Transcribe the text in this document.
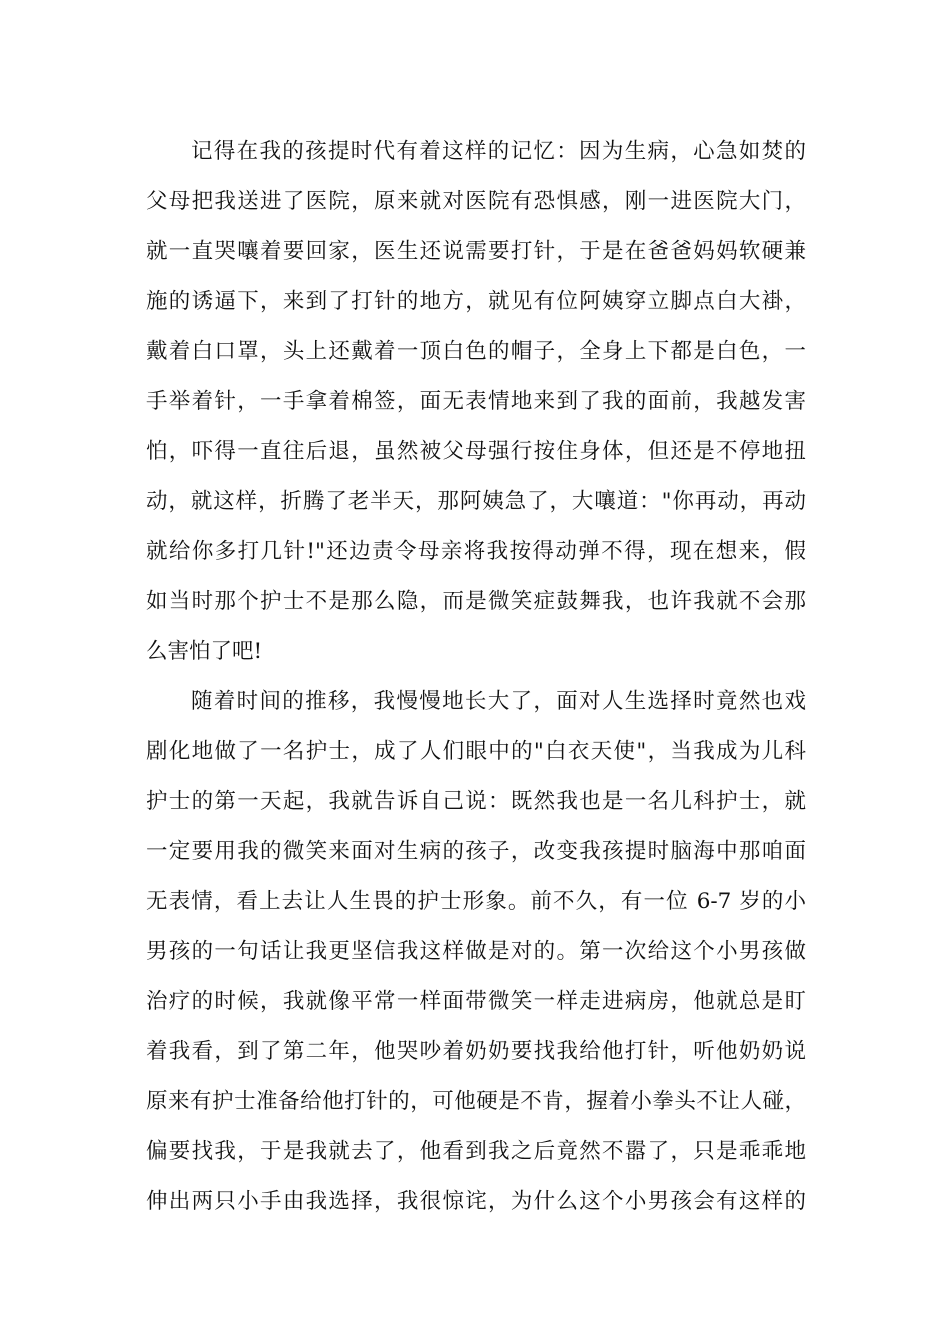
记得在我的孩提时代有着这样的记忆：因为生病，心急如焚的
父母把我送进了医院，原来就对医院有恐惧感，刚一进医院大门，
就一直哭嚷着要回家，医生还说需要打针，于是在爸爸妈妈软硬兼
施的诱逼下，来到了打针的地方，就见有位阿姨穿立脚点白大褂，
戴着白口罩，头上还戴着一顶白色的帽子，全身上下都是白色，一
手举着针，一手拿着棉签，面无表情地来到了我的面前，我越发害
怕，吓得一直往后退，虽然被父母强行按住身体，但还是不停地扭
动，就这样，折腾了老半天，那阿姨急了，大嚷道："你再动，再动
就给你多打几针!"还边责令母亲将我按得动弹不得，现在想来，假
如当时那个护士不是那么隐，而是微笑症鼓舞我，也许我就不会那
么害怕了吧!
随着时间的推移，我慢慢地长大了，面对人生选择时竟然也戏
剧化地做了一名护士，成了人们眼中的"白衣天使"，当我成为儿科
护士的第一天起，我就告诉自己说：既然我也是一名儿科护士，就
一定要用我的微笑来面对生病的孩子，改变我孩提时脑海中那咱面
无表情，看上去让人生畏的护士形象。前不久，有一位 6-7 岁的小
男孩的一句话让我更坚信我这样做是对的。第一次给这个小男孩做
治疗的时候，我就像平常一样面带微笑一样走进病房，他就总是盯
着我看，到了第二年，他哭吵着奶奶要找我给他打针，听他奶奶说
原来有护士准备给他打针的，可他硬是不肯，握着小拳头不让人碰，
偏要找我，于是我就去了，他看到我之后竟然不嚣了，只是乖乖地
伸出两只小手由我选择，我很惊诧，为什么这个小男孩会有这样的
